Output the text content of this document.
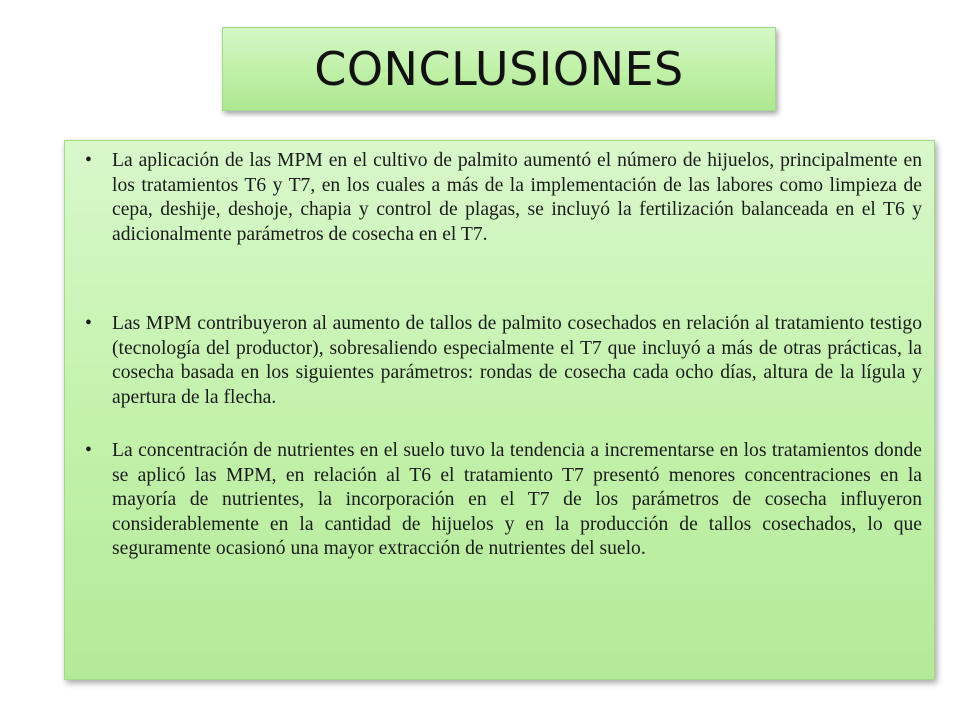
CONCLUSIONES
• La aplicación de las MPM en el cultivo de palmito aumentó el número de hijuelos, principalmente en los tratamientos T6 y T7, en los cuales a más de la implementación de las labores como limpieza de cepa, deshije, deshoje, chapia y control de plagas, se incluyó la fertilización balanceada en el T6 y adicionalmente parámetros de cosecha en el T7.
• Las MPM contribuyeron al aumento de tallos de palmito cosechados en relación al tratamiento testigo (tecnología del productor), sobresaliendo especialmente el T7 que incluyó a más de otras prácticas, la cosecha basada en los siguientes parámetros: rondas de cosecha cada ocho días, altura de la lígula y apertura de la flecha.
• La concentración de nutrientes en el suelo tuvo la tendencia a incrementarse en los tratamientos donde se aplicó las MPM, en relación al T6 el tratamiento T7 presentó menores concentraciones en la mayoría de nutrientes, la incorporación en el T7 de los parámetros de cosecha influyeron considerablemente en la cantidad de hijuelos y en la producción de tallos cosechados, lo que seguramente ocasionó una mayor extracción de nutrientes del suelo.
